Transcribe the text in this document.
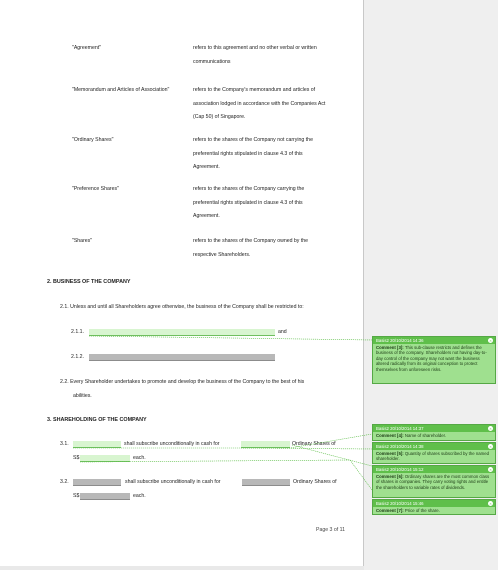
"Agreement"	refers to this agreement and no other verbal or written
communications
"Memorandum and Articles of Association"	refers to the Company's memorandum and articles of
association lodged in accordance with the Companies Act
(Cap 50) of Singapore.
"Ordinary Shares"	refers to the shares of the Company not carrying the
preferential rights stipulated in clause 4.3 of this
Agreement.
"Preference Shares"	refers to the shares of the Company carrying the
preferential rights stipulated in clause 4.3 of this
Agreement.
"Shares"	refers to the shares of the Company owned by the
respective Shareholders.
2. BUSINESS OF THE COMPANY
2.1. Unless and until all Shareholders agree otherwise, the business of the Company shall be restricted to:
2.1.1.	and
2.1.2.
2.2. Every Shareholder undertakes to promote and develop the business of the Company to the best of his
abilities.
3. SHAREHOLDING OF THE COMPANY
3.1.	shall subscribe unconditionally in cash for	Ordinary Shares of
S$	each.
3.2.	shall subscribe unconditionally in cash for	Ordinary Shares of
S$	each.
Page 3 of 11
Basis2 20/10/2014 14:36	×
Comment [3]: This sub-clause restricts and defines the business of the company. Shareholders not having day-to-day control of the company may not want the business altered radically from its original conception to protect themselves from unforeseen risks.
Basis2 20/10/2014 14:37	×
Comment [4]: Name of shareholder.
Basis2 20/10/2014 14:38	×
Comment [5]: Quantity of shares subscribed by the named shareholder.
Basis2 20/10/2014 15:12	×
Comment [6]: Ordinary shares are the most common class of shares in companies. They carry voting rights and entitle the shareholders to variable rates of dividends.
Basis2 20/10/2014 15:46	×
Comment [7]: Price of the share.
